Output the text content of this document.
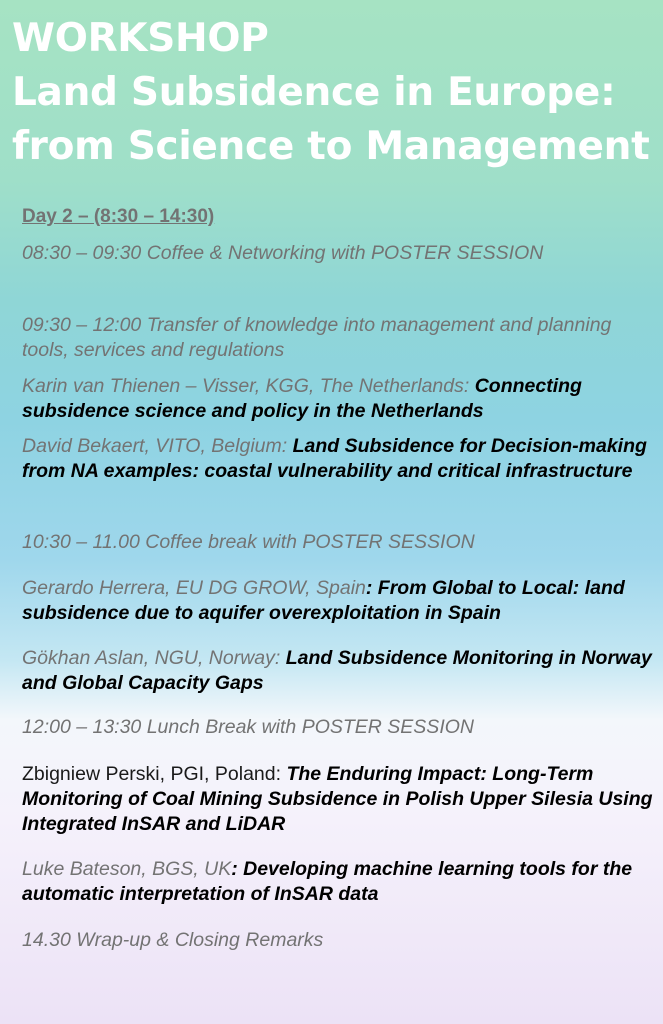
WORKSHOP
Land Subsidence in Europe:
from Science to Management
Day 2 – (8:30 – 14:30)
08:30 – 09:30 Coffee & Networking with POSTER SESSION
09:30 – 12:00 Transfer of knowledge into management and planning tools, services and regulations
Karin van Thienen – Visser, KGG, The Netherlands: Connecting subsidence science and policy in the Netherlands
David Bekaert, VITO, Belgium: Land Subsidence for Decision-making from NA examples: coastal vulnerability and critical infrastructure
10:30 – 11.00 Coffee break with POSTER SESSION
Gerardo Herrera, EU DG GROW, Spain: From Global to Local: land subsidence due to aquifer overexploitation in Spain
Gökhan Aslan, NGU, Norway: Land Subsidence Monitoring in Norway and Global Capacity Gaps
12:00 – 13:30 Lunch Break with POSTER SESSION
Zbigniew Perski, PGI, Poland: The Enduring Impact: Long-Term Monitoring of Coal Mining Subsidence in Polish Upper Silesia Using Integrated InSAR and LiDAR
Luke Bateson, BGS, UK: Developing machine learning tools for the automatic interpretation of InSAR data
14.30 Wrap-up & Closing Remarks
